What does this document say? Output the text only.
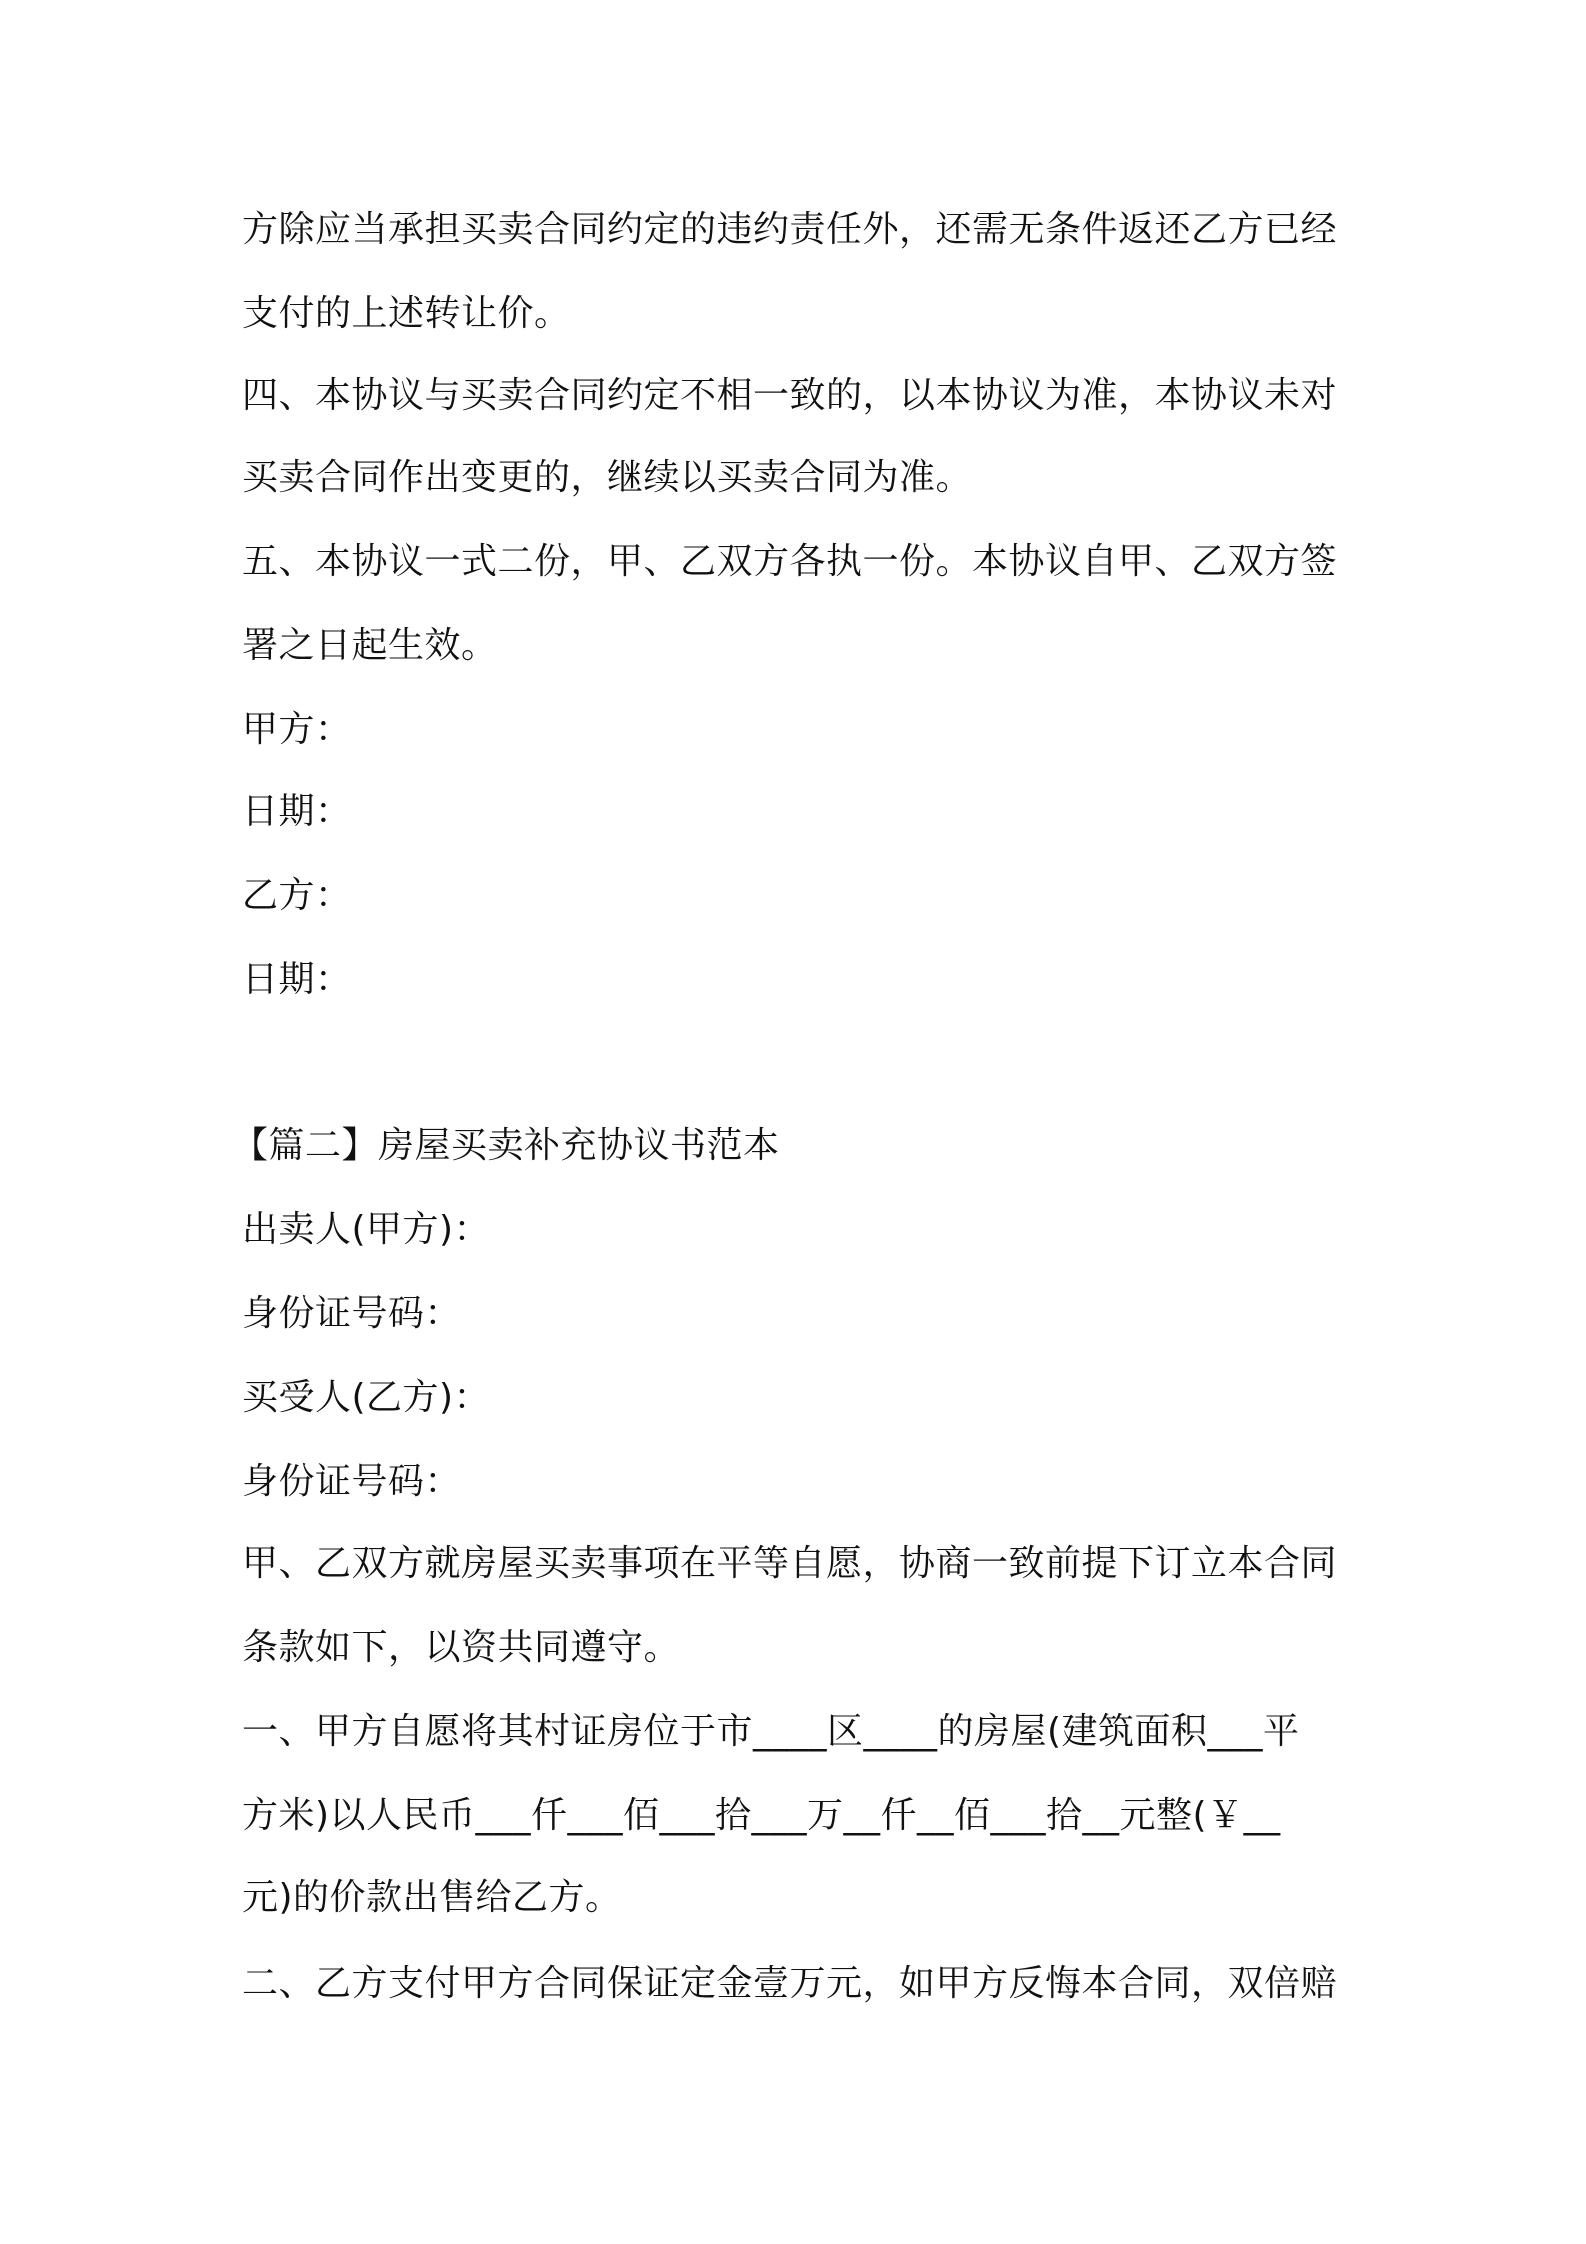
方除应当承担买卖合同约定的违约责任外，还需无条件返还乙方已经

支付的上述转让价。

四、本协议与买卖合同约定不相一致的，以本协议为准，本协议未对

买卖合同作出变更的，继续以买卖合同为准。

五、本协议一式二份，甲、乙双方各执一份。本协议自甲、乙双方签

署之日起生效。

甲方：

日期：

乙方：

日期：

【篇二】房屋买卖补充协议书范本

出卖人(甲方)：

身份证号码：

买受人(乙方)：

身份证号码：

甲、乙双方就房屋买卖事项在平等自愿，协商一致前提下订立本合同

条款如下，以资共同遵守。

一、甲方自愿将其村证房位于市____区____的房屋(建筑面积___平

方米)以人民币___仟___佰___拾___万__仟__佰___拾__元整(￥__

元)的价款出售给乙方。

二、乙方支付甲方合同保证定金壹万元，如甲方反悔本合同，双倍赔
